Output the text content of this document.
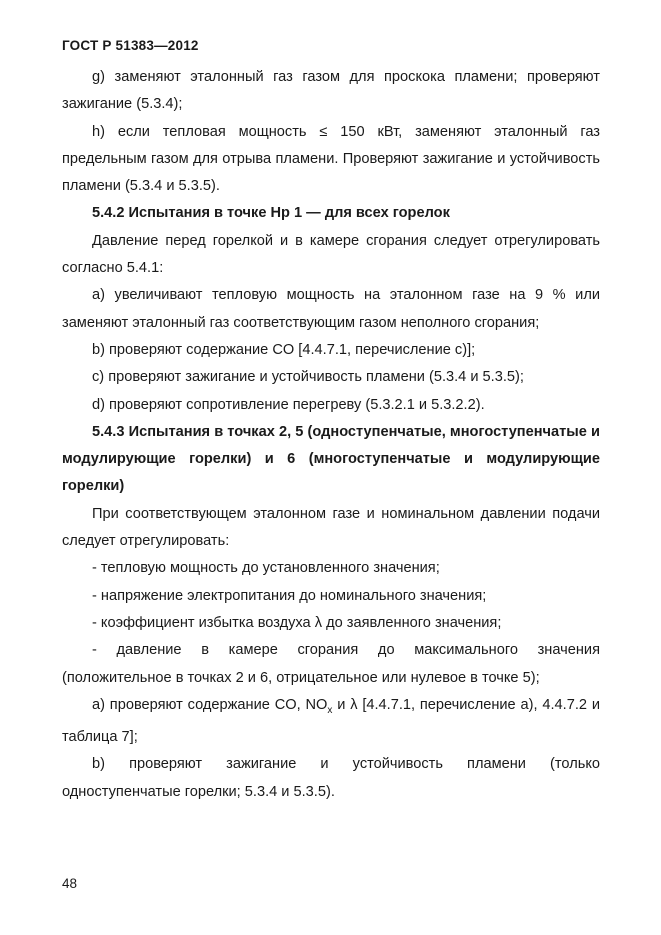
ГОСТ Р 51383—2012

g) заменяют эталонный газ газом для проскока пламени; проверяют зажигание (5.3.4);

h) если тепловая мощность ≤ 150 кВт, заменяют эталонный газ предельным газом для отрыва пламени. Проверяют зажигание и устойчивость пламени (5.3.4 и 5.3.5).

5.4.2 Испытания в точке Hp 1 — для всех горелок

Давление перед горелкой и в камере сгорания следует отрегулировать согласно 5.4.1:

a) увеличивают тепловую мощность на эталонном газе на 9 % или заменяют эталонный газ соответствующим газом неполного сгорания;

b) проверяют содержание CO [4.4.7.1, перечисление c)];

c) проверяют зажигание и устойчивость пламени (5.3.4 и 5.3.5);

d) проверяют сопротивление перегреву (5.3.2.1 и 5.3.2.2).

5.4.3 Испытания в точках 2, 5 (одноступенчатые, многоступенчатые и модулирующие горелки) и 6 (многоступенчатые и модулирующие горелки)

При соответствующем эталонном газе и номинальном давлении подачи следует отрегулировать:

- тепловую мощность до установленного значения;

- напряжение электропитания до номинального значения;

- коэффициент избытка воздуха λ до заявленного значения;

- давление в камере сгорания до максимального значения (положительное в точках 2 и 6, отрицательное или нулевое в точке 5);

a) проверяют содержание CO, $NO_x$ и λ [4.4.7.1, перечисление a), 4.4.7.2 и таблица 7];

b) проверяют зажигание и устойчивость пламени (только одноступенчатые горелки; 5.3.4 и 5.3.5).

48
